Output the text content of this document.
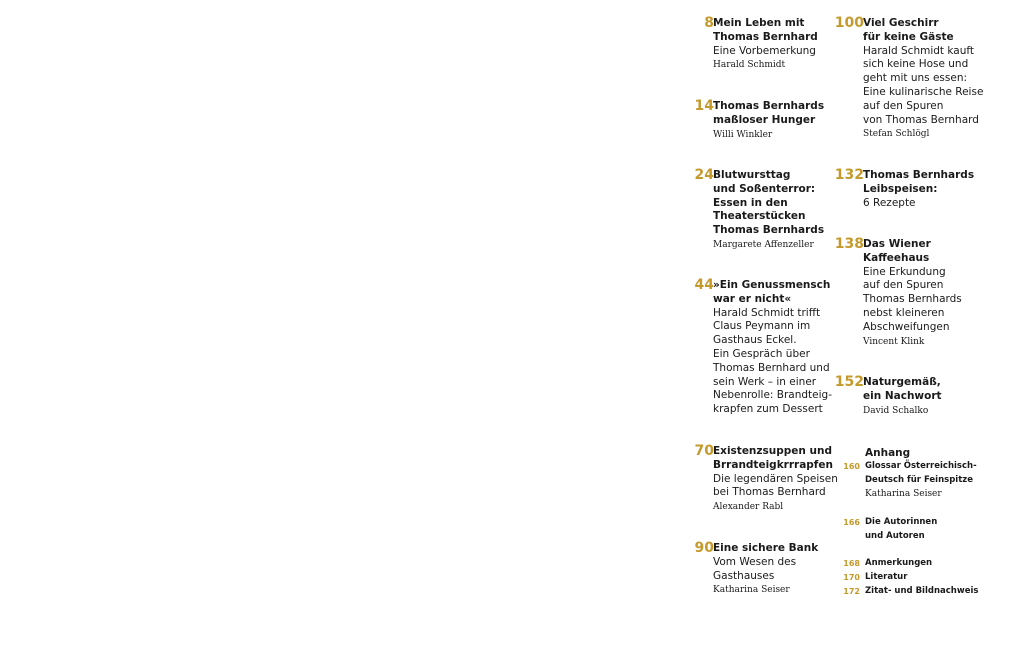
8 Mein Leben mit
Thomas Bernhard
Eine Vorbemerkung
Harald Schmidt
14 Thomas Bernhards
maßloser Hunger
Willi Winkler
24 Blutwursttag
und Soßenterror:
Essen in den
Theaterstücken
Thomas Bernhards
Margarete Affenzeller
44 »Ein Genussmensch
war er nicht«
Harald Schmidt trifft
Claus Peymann im
Gasthaus Eckel.
Ein Gespräch über
Thomas Bernhard und
sein Werk – in einer
Nebenrolle: Brandteig-
krapfen zum Dessert
70 Existenzsuppen und
Brrandteigkrrrapfen
Die legendären Speisen
bei Thomas Bernhard
Alexander Rabl
90 Eine sichere Bank
Vom Wesen des
Gasthauses
Katharina Seiser
100 Viel Geschirr
für keine Gäste
Harald Schmidt kauft
sich keine Hose und
geht mit uns essen:
Eine kulinarische Reise
auf den Spuren
von Thomas Bernhard
Stefan Schlögl
132 Thomas Bernhards
Leibspeisen:
6 Rezepte
138 Das Wiener
Kaffeehaus
Eine Erkundung
auf den Spuren
Thomas Bernhards
nebst kleineren
Abschweifungen
Vincent Klink
152 Naturgemäß,
ein Nachwort
David Schalko
Anhang
160 Glossar Österreichisch-
Deutsch für Feinspitze
Katharina Seiser
166 Die Autorinnen
und Autoren
168 Anmerkungen
170 Literatur
172 Zitat- und Bildnachweis
